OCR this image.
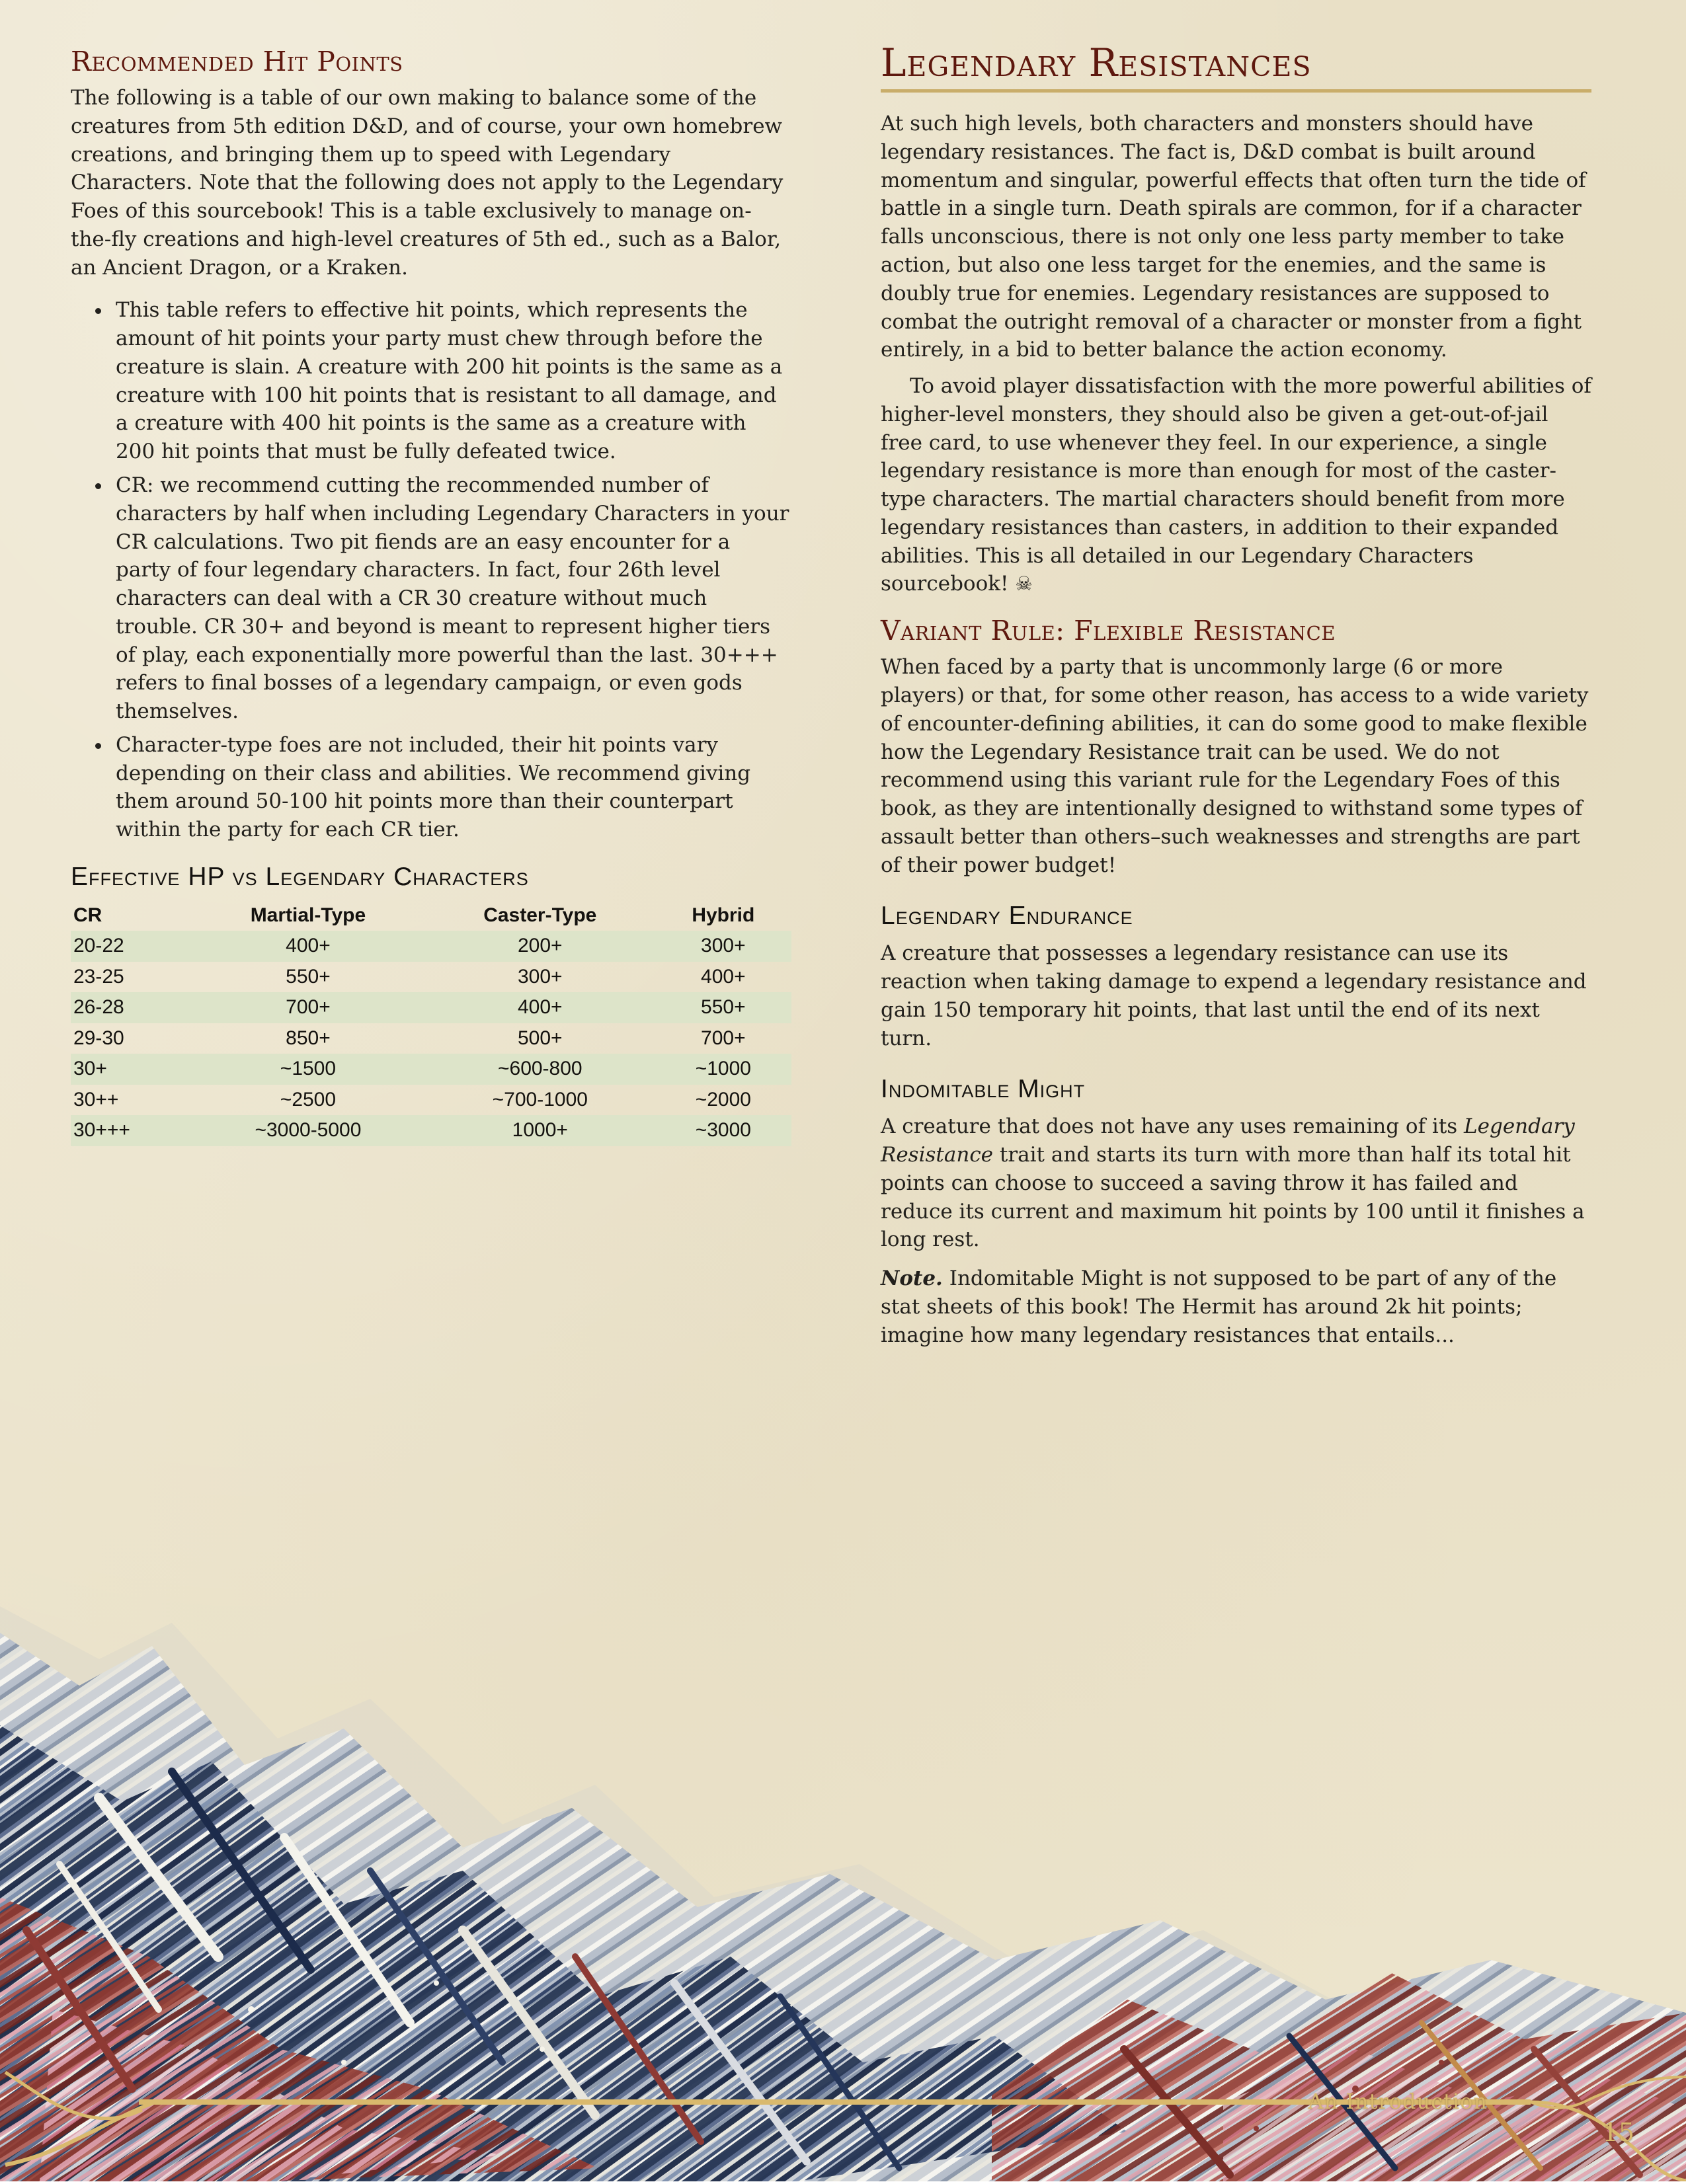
Recommended Hit Points

The following is a table of our own making to balance some of the creatures from 5th edition D&D, and of course, your own homebrew creations, and bringing them up to speed with Legendary Characters. Note that the following does not apply to the Legendary Foes of this sourcebook! This is a table exclusively to manage on-the-fly creations and high-level creatures of 5th ed., such as a Balor, an Ancient Dragon, or a Kraken.

• This table refers to effective hit points, which represents the amount of hit points your party must chew through before the creature is slain. A creature with 200 hit points is the same as a creature with 100 hit points that is resistant to all damage, and a creature with 400 hit points is the same as a creature with 200 hit points that must be fully defeated twice.
• CR: we recommend cutting the recommended number of characters by half when including Legendary Characters in your CR calculations. Two pit fiends are an easy encounter for a party of four legendary characters. In fact, four 26th level characters can deal with a CR 30 creature without much trouble. CR 30+ and beyond is meant to represent higher tiers of play, each exponentially more powerful than the last. 30+++ refers to final bosses of a legendary campaign, or even gods themselves.
• Character-type foes are not included, their hit points vary depending on their class and abilities. We recommend giving them around 50-100 hit points more than their counterpart within the party for each CR tier.
Effective HP vs Legendary Characters
CR	Martial-Type	Caster-Type	Hybrid
20-22	400+	200+	300+
23-25	550+	300+	400+
26-28	700+	400+	550+
29-30	850+	500+	700+
30+	~1500	~600-800	~1000
30++	~2500	~700-1000	~2000
30+++	~3000-5000	1000+	~3000
Legendary Resistances

At such high levels, both characters and monsters should have legendary resistances. The fact is, D&D combat is built around momentum and singular, powerful effects that often turn the tide of battle in a single turn. Death spirals are common, for if a character falls unconscious, there is not only one less party member to take action, but also one less target for the enemies, and the same is doubly true for enemies. Legendary resistances are supposed to combat the outright removal of a character or monster from a fight entirely, in a bid to better balance the action economy.

To avoid player dissatisfaction with the more powerful abilities of higher-level monsters, they should also be given a get-out-of-jail free card, to use whenever they feel. In our experience, a single legendary resistance is more than enough for most of the caster-type characters. The martial characters should benefit from more legendary resistances than casters, in addition to their expanded abilities. This is all detailed in our Legendary Characters sourcebook! ☠

Variant Rule: Flexible Resistance

When faced by a party that is uncommonly large (6 or more players) or that, for some other reason, has access to a wide variety of encounter-defining abilities, it can do some good to make flexible how the Legendary Resistance trait can be used. We do not recommend using this variant rule for the Legendary Foes of this book, as they are intentionally designed to withstand some types of assault better than others–such weaknesses and strengths are part of their power budget!

Legendary Endurance

A creature that possesses a legendary resistance can use its reaction when taking damage to expend a legendary resistance and gain 150 temporary hit points, that last until the end of its next turn.

Indomitable Might

A creature that does not have any uses remaining of its Legendary Resistance trait and starts its turn with more than half its total hit points can choose to succeed a saving throw it has failed and reduce its current and maximum hit points by 100 until it finishes a long rest.

Note. Indomitable Might is not supposed to be part of any of the stat sheets of this book! The Hermit has around 2k hit points; imagine how many legendary resistances that entails...

An Introduction
15
